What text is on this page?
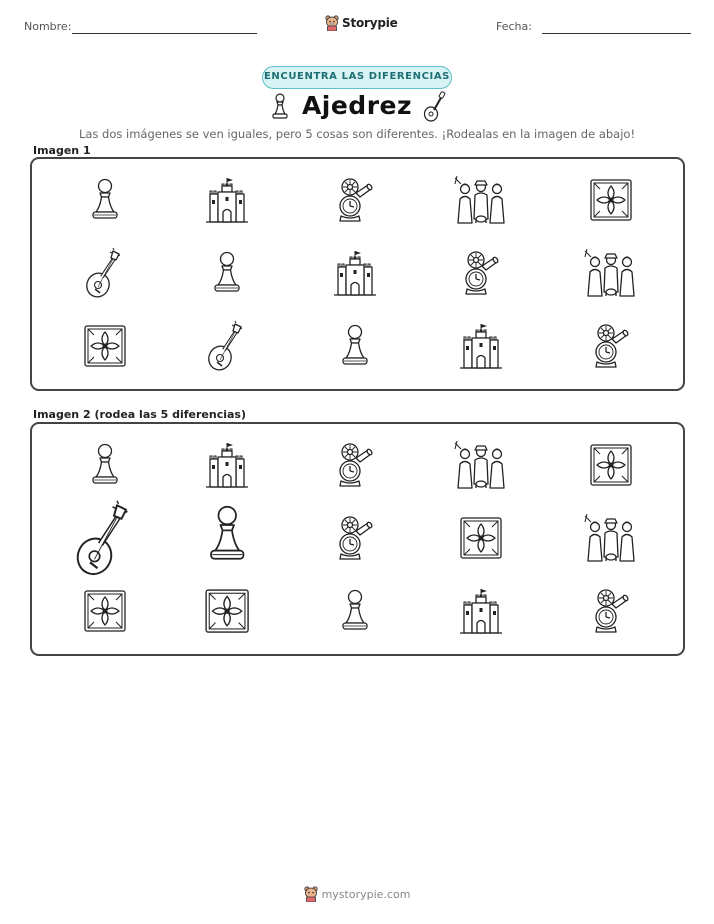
Nombre:	Storypie	Fecha:
ENCUENTRA LAS DIFERENCIAS
Ajedrez
Las dos imágenes se ven iguales, pero 5 cosas son diferentes. ¡Rodealas en la imagen de abajo!
Imagen 1
Imagen 2 (rodea las 5 diferencias)
mystorypie.com
